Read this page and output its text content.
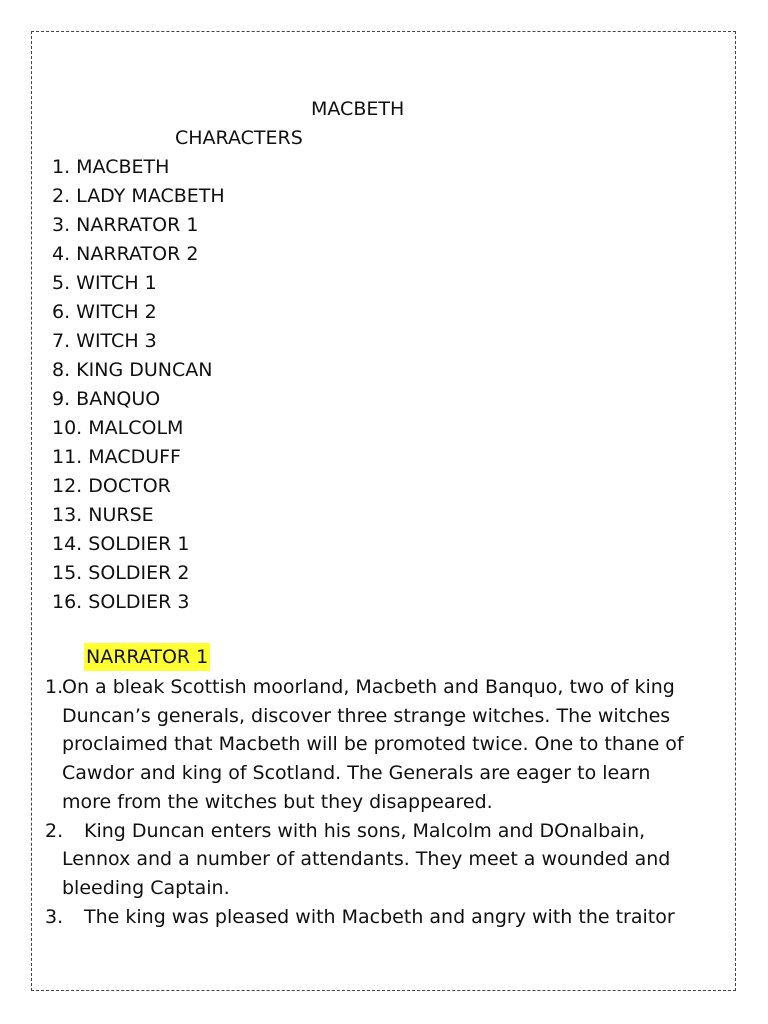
MACBETH
CHARACTERS
1. MACBETH
2. LADY MACBETH
3. NARRATOR 1
4. NARRATOR 2
5. WITCH 1
6. WITCH 2
7. WITCH 3
8. KING DUNCAN
9. BANQUO
10. MALCOLM
11. MACDUFF
12. DOCTOR
13. NURSE
14. SOLDIER 1
15. SOLDIER 2
16. SOLDIER 3
NARRATOR 1
1.
On a bleak Scottish moorland, Macbeth and Banquo, two of king Duncan’s generals, discover three strange witches. The witches proclaimed that Macbeth will be promoted twice. One to thane of Cawdor and king of Scotland. The Generals are eager to learn more from the witches but they disappeared.
2. King Duncan enters with his sons, Malcolm and DOnalbain, Lennox and a number of attendants. They meet a wounded and bleeding Captain.
3. The king was pleased with Macbeth and angry with the traitor
